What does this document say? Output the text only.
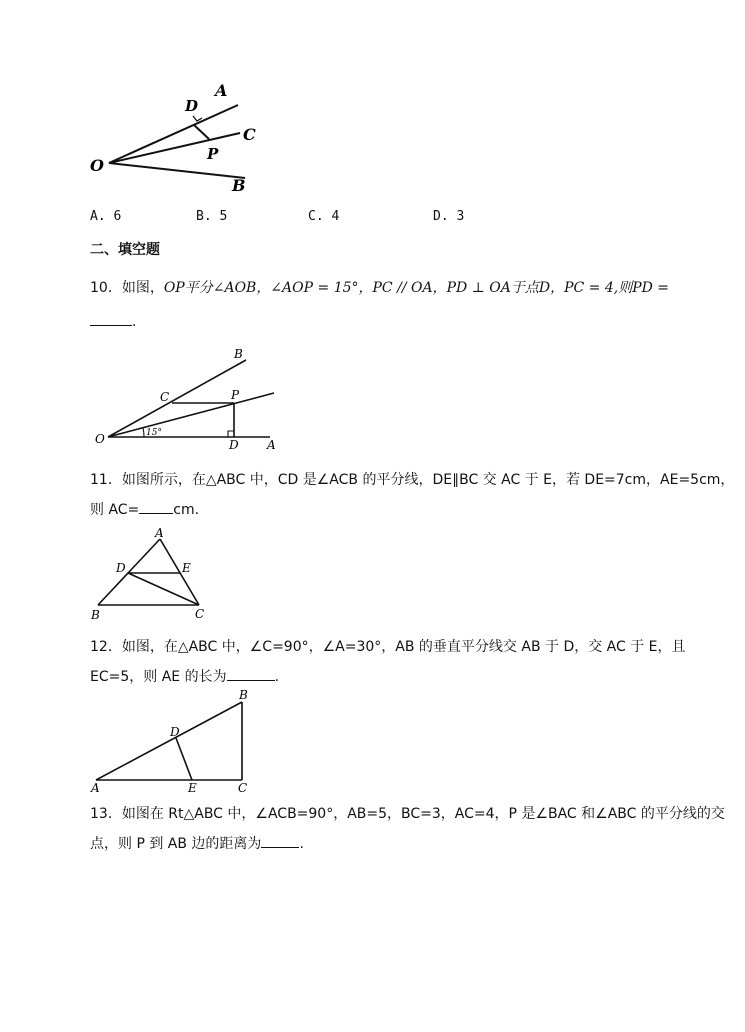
A
D
C
P
O
B
A. 6	B. 5	C. 4	D. 3
二、填空题
10．如图，OP平分∠AOB，∠AOP = 15°，PC // OA，PD ⊥ OA于点D，PC = 4,则PD =
.
B
C	P
O	15°
D A
11．如图所示，在△ABC 中，CD 是∠ACB 的平分线，DE∥BC 交 AC 于 E，若 DE=7cm，AE=5cm，
则 AC= cm.
A
D	E
B	C
12．如图，在△ABC 中，∠C=90°，∠A=30°，AB 的垂直平分线交 AB 于 D，交 AC 于 E，且
EC=5，则 AE 的长为	.
B
D
A	E	C
13．如图在 Rt△ABC 中，∠ACB=90°，AB=5，BC=3，AC=4，P 是∠BAC 和∠ABC 的平分线的交
点，则 P 到 AB 边的距离为	.
